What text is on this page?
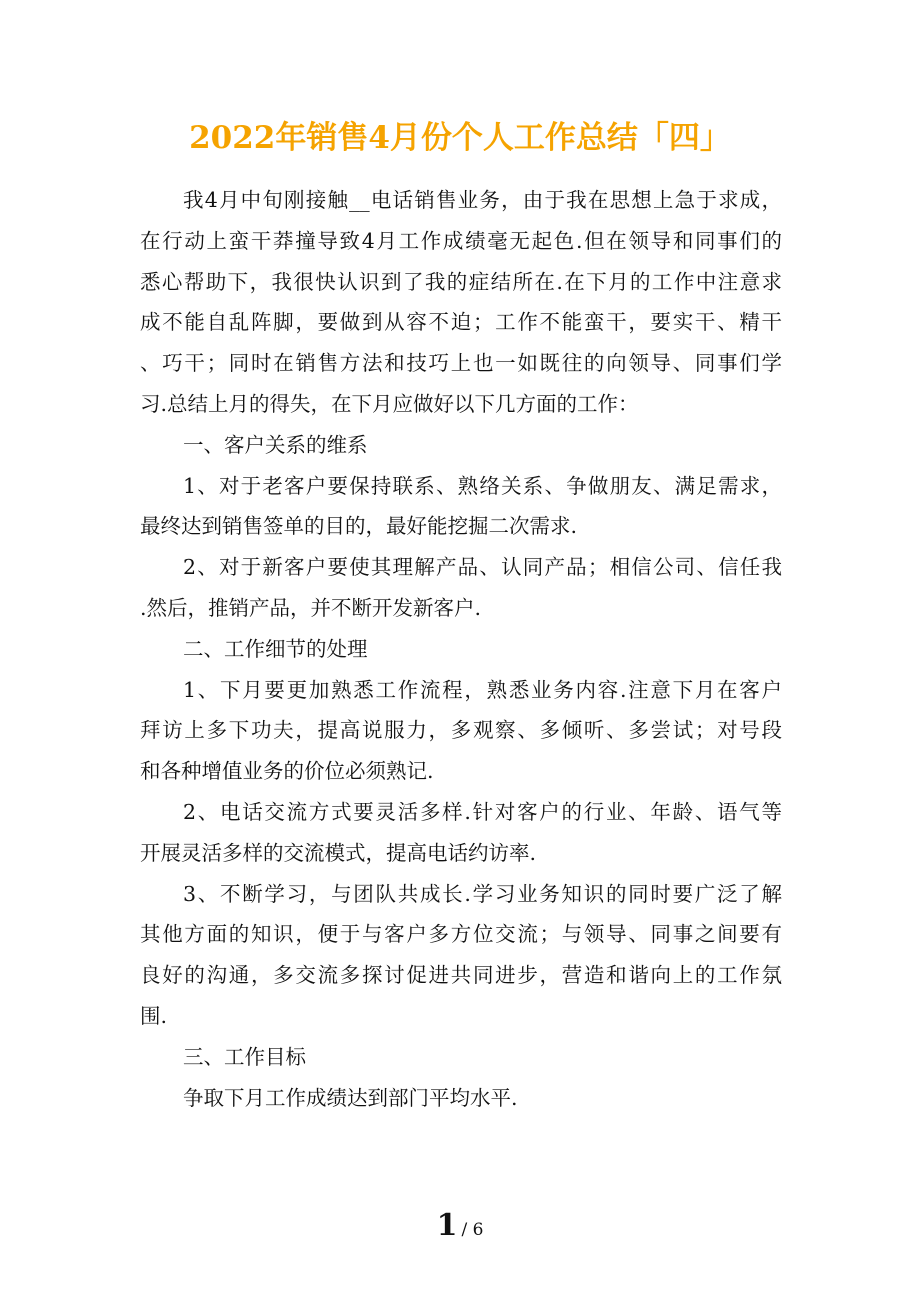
2022年销售4月份个人工作总结「四」
我4月中旬刚接触__电话销售业务，由于我在思想上急于求成，
在行动上蛮干莽撞导致4月工作成绩毫无起色.但在领导和同事们的
悉心帮助下，我很快认识到了我的症结所在.在下月的工作中注意求
成不能自乱阵脚，要做到从容不迫；工作不能蛮干，要实干、精干
、巧干；同时在销售方法和技巧上也一如既往的向领导、同事们学
习.总结上月的得失，在下月应做好以下几方面的工作：
一、客户关系的维系
1、对于老客户要保持联系、熟络关系、争做朋友、满足需求，
最终达到销售签单的目的，最好能挖掘二次需求.
2、对于新客户要使其理解产品、认同产品；相信公司、信任我
.然后，推销产品，并不断开发新客户.
二、工作细节的处理
1、下月要更加熟悉工作流程，熟悉业务内容.注意下月在客户
拜访上多下功夫，提高说服力，多观察、多倾听、多尝试；对号段
和各种增值业务的价位必须熟记.
2、电话交流方式要灵活多样.针对客户的行业、年龄、语气等
开展灵活多样的交流模式，提高电话约访率.
3、不断学习，与团队共成长.学习业务知识的同时要广泛了解
其他方面的知识，便于与客户多方位交流；与领导、同事之间要有
良好的沟通，多交流多探讨促进共同进步，营造和谐向上的工作氛
围.
三、工作目标
争取下月工作成绩达到部门平均水平.
1 / 6
